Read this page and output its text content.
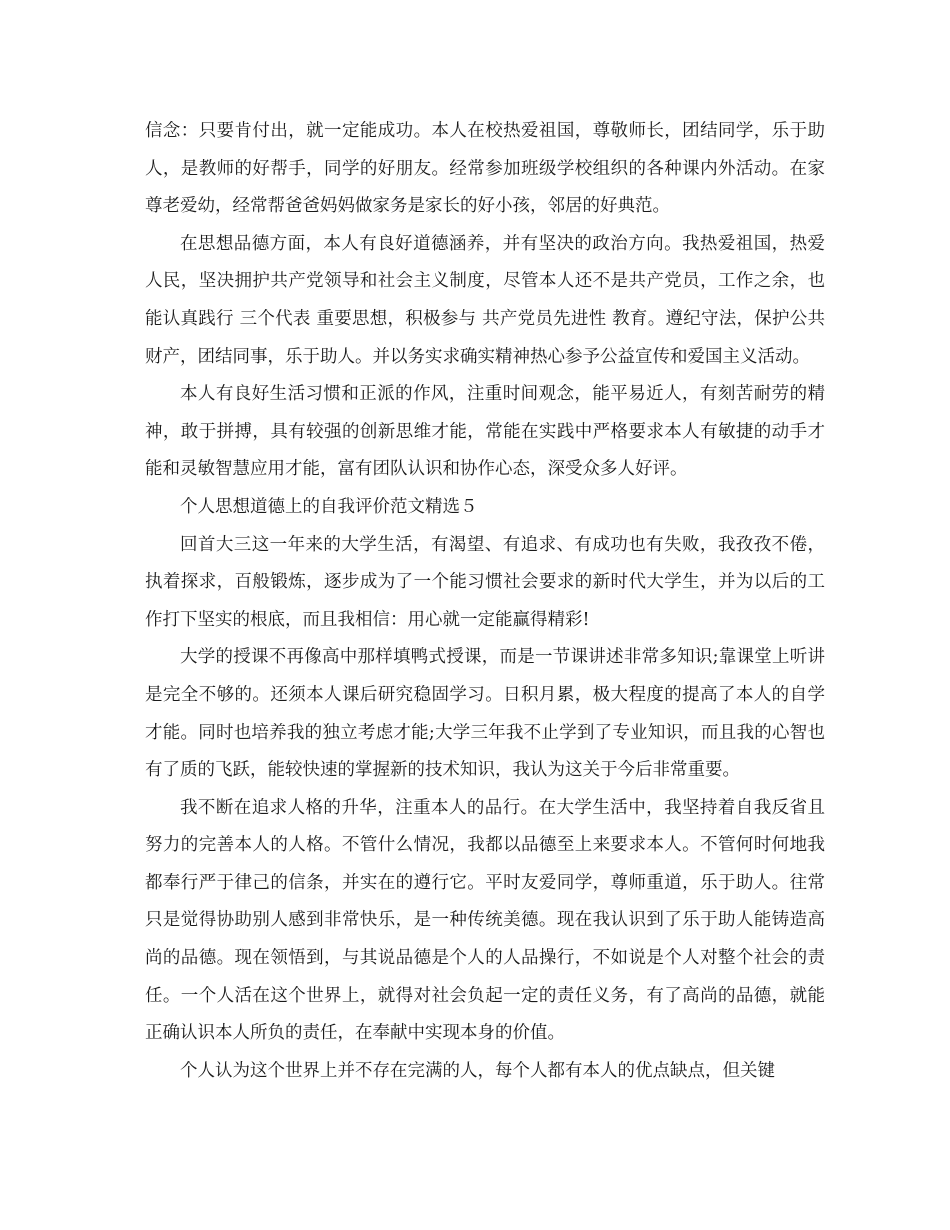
信念：只要肯付出，就一定能成功。本人在校热爱祖国，尊敬师长，团结同学，乐于助人，是教师的好帮手，同学的好朋友。经常参加班级学校组织的各种课内外活动。在家尊老爱幼，经常帮爸爸妈妈做家务是家长的好小孩，邻居的好典范。

在思想品德方面，本人有良好道德涵养，并有坚决的政治方向。我热爱祖国，热爱人民，坚决拥护共产党领导和社会主义制度，尽管本人还不是共产党员，工作之余，也能认真践行 三个代表 重要思想，积极参与 共产党员先进性 教育。遵纪守法，保护公共财产，团结同事，乐于助人。并以务实求确实精神热心参予公益宣传和爱国主义活动。

本人有良好生活习惯和正派的作风，注重时间观念，能平易近人，有刻苦耐劳的精神，敢于拼搏，具有较强的创新思维才能，常能在实践中严格要求本人有敏捷的动手才能和灵敏智慧应用才能，富有团队认识和协作心态，深受众多人好评。

个人思想道德上的自我评价范文精选５

回首大三这一年来的大学生活，有渴望、有追求、有成功也有失败，我孜孜不倦，执着探求，百般锻炼，逐步成为了一个能习惯社会要求的新时代大学生，并为以后的工作打下坚实的根底，而且我相信：用心就一定能赢得精彩!

大学的授课不再像高中那样填鸭式授课，而是一节课讲述非常多知识;靠课堂上听讲是完全不够的。还须本人课后研究稳固学习。日积月累，极大程度的提高了本人的自学才能。同时也培养我的独立考虑才能;大学三年我不止学到了专业知识，而且我的心智也有了质的飞跃，能较快速的掌握新的技术知识，我认为这关于今后非常重要。

我不断在追求人格的升华，注重本人的品行。在大学生活中，我坚持着自我反省且努力的完善本人的人格。不管什么情况，我都以品德至上来要求本人。不管何时何地我都奉行严于律己的信条，并实在的遵行它。平时友爱同学，尊师重道，乐于助人。往常只是觉得协助别人感到非常快乐，是一种传统美德。现在我认识到了乐于助人能铸造高尚的品德。现在领悟到，与其说品德是个人的人品操行，不如说是个人对整个社会的责任。一个人活在这个世界上，就得对社会负起一定的责任义务，有了高尚的品德，就能正确认识本人所负的责任，在奉献中实现本身的价值。

个人认为这个世界上并不存在完满的人，每个人都有本人的优点缺点，但关键
